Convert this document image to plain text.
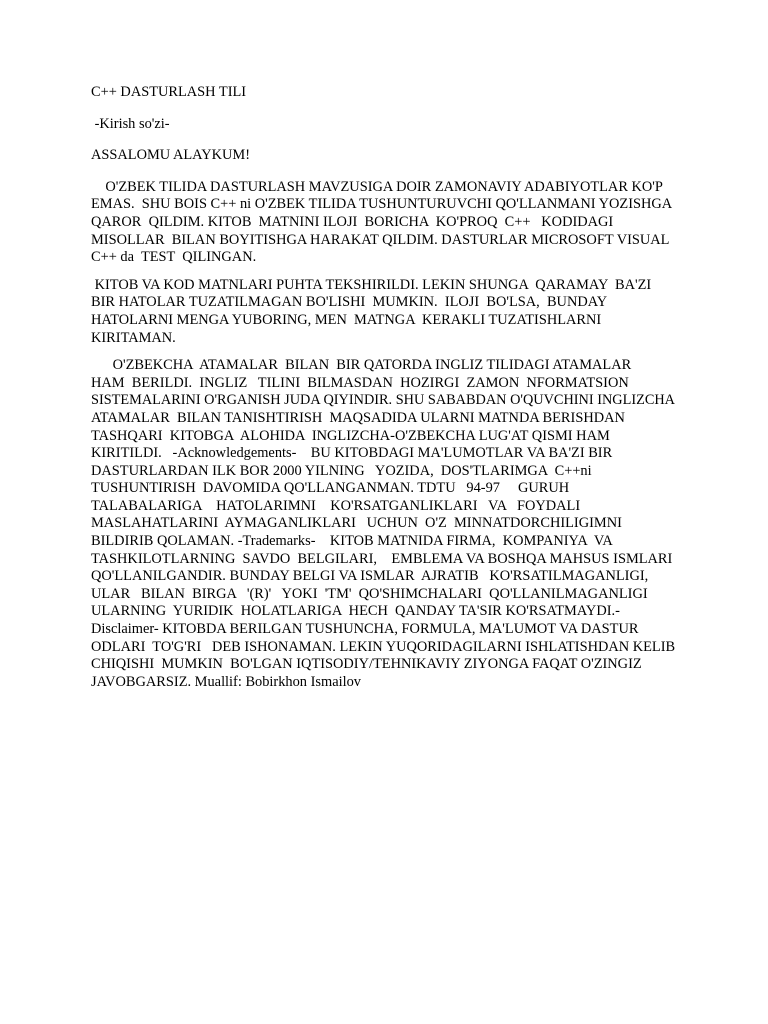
C++ DASTURLASH TILI

-Kirish so'zi-

ASSALOMU ALAYKUM!

O'ZBEK TILIDA DASTURLASH MAVZUSIGA DOIR ZAMONAVIY ADABIYOTLAR KO'P

EMAS.  SHU BOIS C++ ni O'ZBEK TILIDA TUSHUNTURUVCHI QO'LLANMANI YOZISHGA

QAROR  QILDIM. KITOB  MATNINI ILOJI  BORICHA  KO'PROQ  C++   KODIDAGI

MISOLLAR  BILAN BOYITISHGA HARAKAT QILDIM. DASTURLAR MICROSOFT VISUAL

C++ da  TEST  QILINGAN.

KITOB VA KOD MATNLARI PUHTA TEKSHIRILDI. LEKIN SHUNGA  QARAMAY  BA'ZI

BIR HATOLAR TUZATILMAGAN BO'LISHI  MUMKIN.  ILOJI  BO'LSA,  BUNDAY

HATOLARNI MENGA YUBORING, MEN  MATNGA  KERAKLI TUZATISHLARNI

KIRITAMAN.

O'ZBEKCHA  ATAMALAR  BILAN  BIR QATORDA INGLIZ TILIDAGI ATAMALAR

HAM  BERILDI.  INGLIZ   TILINI  BILMASDAN  HOZIRGI  ZAMON  NFORMATSION

SISTEMALARINI O'RGANISH JUDA QIYINDIR. SHU SABABDAN O'QUVCHINI INGLIZCHA

ATAMALAR  BILAN TANISHTIRISH  MAQSADIDA ULARNI MATNDA BERISHDAN

TASHQARI  KITOBGA  ALOHIDA  INGLIZCHA-O'ZBEKCHA LUG'AT QISMI HAM

KIRITILDI.   -Acknowledgements-    BU KITOBDAGI MA'LUMOTLAR VA BA'ZI BIR

DASTURLARDAN ILK BOR 2000 YILNING   YOZIDA,  DOS'TLARIMGA  C++ni

TUSHUNTIRISH  DAVOMIDA QO'LLANGANMAN. TDTU   94-97     GURUH

TALABALARIGA    HATOLARIMNI    KO'RSATGANLIKLARI   VA   FOYDALI

MASLAHATLARINI  AYMAGANLIKLARI   UCHUN  O'Z  MINNATDORCHILIGIMNI

BILDIRIB QOLAMAN. -Trademarks-    KITOB MATNIDA FIRMA,  KOMPANIYA  VA

TASHKILOTLARNING  SAVDO  BELGILARI,    EMBLEMA VA BOSHQA MAHSUS ISMLARI

QO'LLANILGANDIR. BUNDAY BELGI VA ISMLAR  AJRATIB   KO'RSATILMAGANLIGI,

ULAR   BILAN  BIRGA   '(R)'   YOKI  'TM'  QO'SHIMCHALARI  QO'LLANILMAGANLIGI

ULARNING  YURIDIK  HOLATLARIGA  HECH  QANDAY TA'SIR KO'RSATMAYDI.-

Disclaimer- KITOBDA BERILGAN TUSHUNCHA, FORMULA, MA'LUMOT VA DASTUR

ODLARI  TO'G'RI   DEB ISHONAMAN. LEKIN YUQORIDAGILARNI ISHLATISHDAN KELIB

CHIQISHI  MUMKIN  BO'LGAN IQTISODIY/TEHNIKAVIY ZIYONGA FAQAT O'ZINGIZ

JAVOBGARSIZ. Muallif: Bobirkhon Ismailov
